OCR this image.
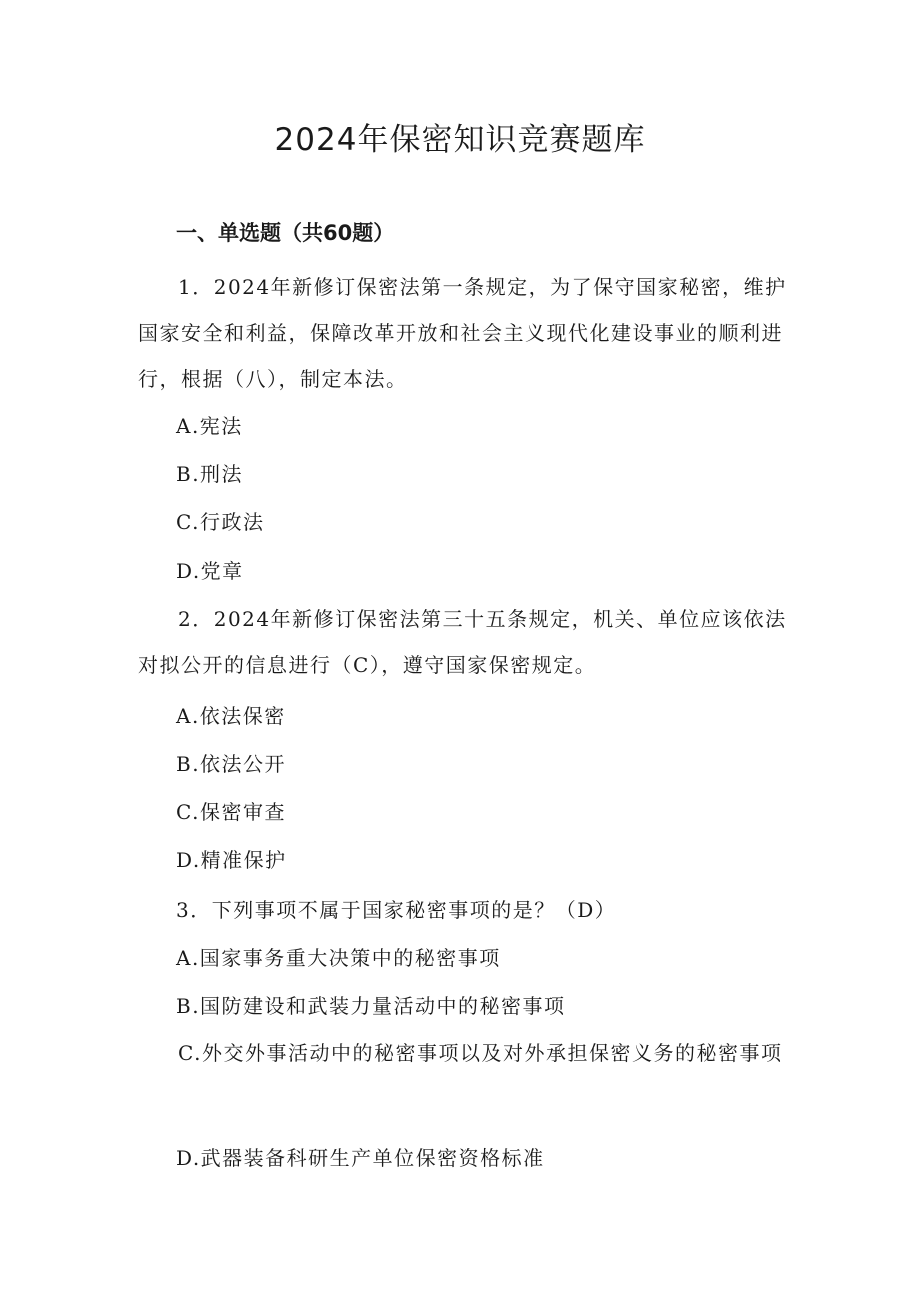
2024年保密知识竞赛题库
一、单选题（共60题）

1．2024年新修订保密法第一条规定，为了保守国家秘密，维护国家安全和利益，保障改革开放和社会主义现代化建设事业的顺利进行，根据（八），制定本法。

A.宪法

B.刑法

C.行政法

D.党章

2．2024年新修订保密法第三十五条规定，机关、单位应该依法对拟公开的信息进行（C），遵守国家保密规定。

A.依法保密

B.依法公开

C.保密审查

D.精准保护

3．下列事项不属于国家秘密事项的是？（D）

A.国家事务重大决策中的秘密事项

B.国防建设和武装力量活动中的秘密事项

C.外交外事活动中的秘密事项以及对外承担保密义务的秘密事项

D.武器装备科研生产单位保密资格标准
